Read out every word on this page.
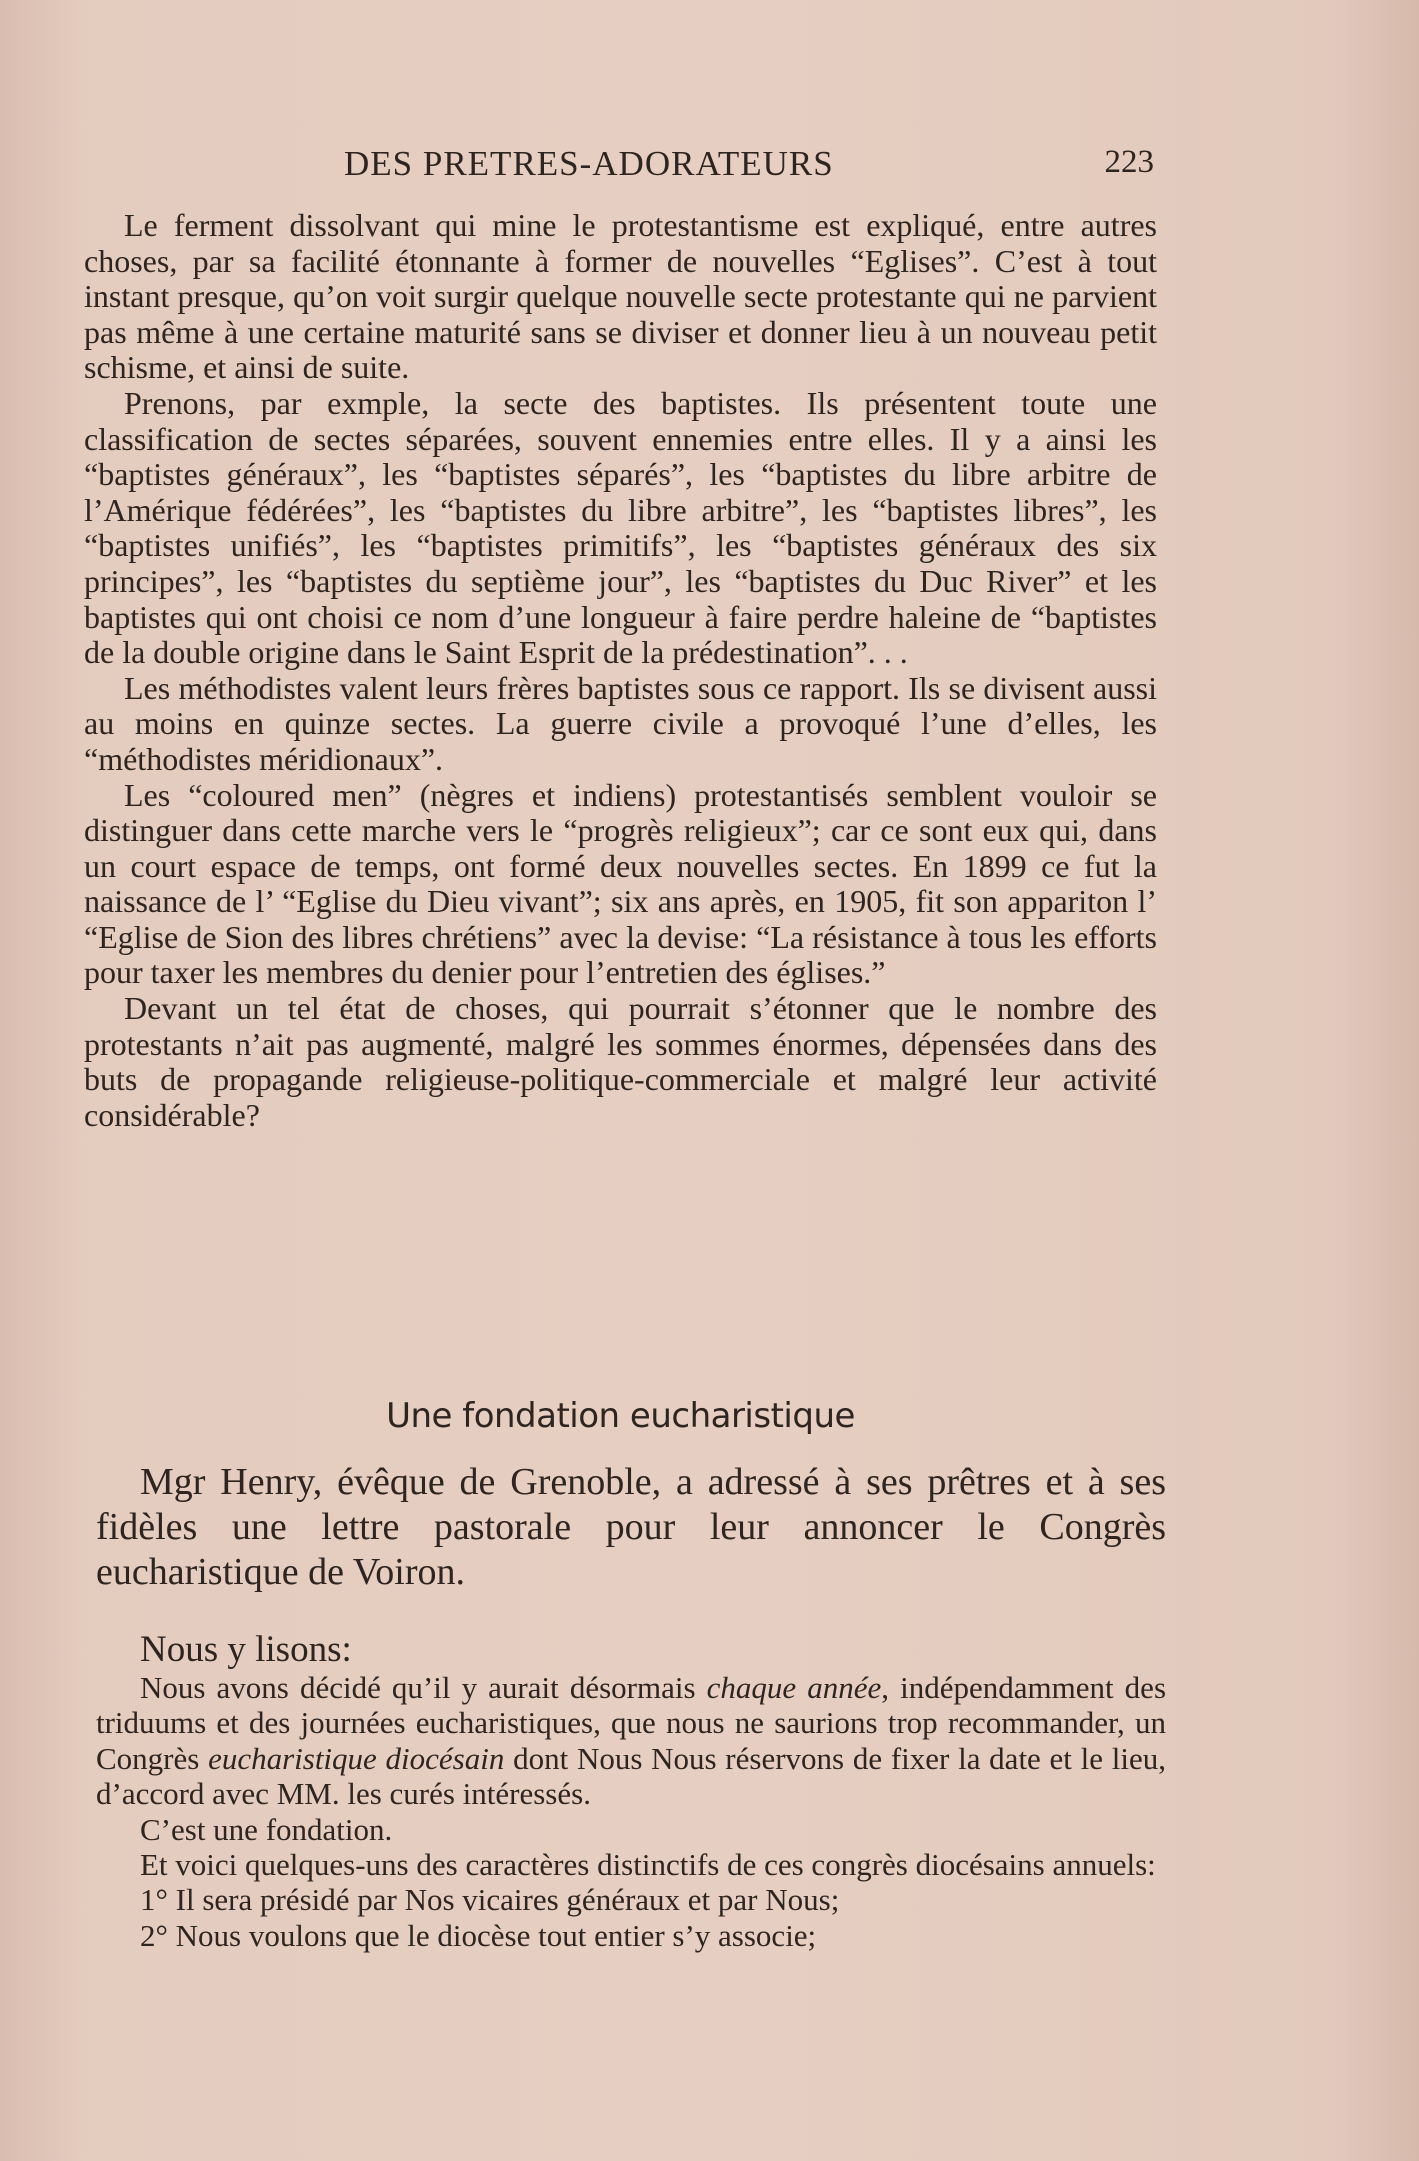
DES PRETRES-ADORATEURS	223

Le ferment dissolvant qui mine le protestantisme est expliqué, entre autres choses, par sa facilité étonnante à former de nouvelles “Eglises”. C’est à tout instant presque, qu’on voit surgir quelque nouvelle secte protestante qui ne parvient pas même à une certaine maturité sans se diviser et donner lieu à un nouveau petit schisme, et ainsi de suite.

Prenons, par exmple, la secte des baptistes. Ils présentent toute une classification de sectes séparées, souvent ennemies entre elles. Il y a ainsi les “baptistes généraux”, les “baptistes séparés”, les “baptistes du libre arbitre de l’Amérique fédérées”, les “baptistes du libre arbitre”, les “baptistes libres”, les “baptistes unifiés”, les “baptistes primitifs”, les “baptistes généraux des six principes”, les “baptistes du septième jour”, les “baptistes du Duc River” et les baptistes qui ont choisi ce nom d’une longueur à faire perdre haleine de “baptistes de la double origine dans le Saint Esprit de la prédestination”. . .

Les méthodistes valent leurs frères baptistes sous ce rapport. Ils se divisent aussi au moins en quinze sectes. La guerre civile a provoqué l’une d’elles, les “méthodistes méridionaux”.

Les “coloured men” (nègres et indiens) protestantisés semblent vouloir se distinguer dans cette marche vers le “progrès religieux”; car ce sont eux qui, dans un court espace de temps, ont formé deux nouvelles sectes. En 1899 ce fut la naissance de l’ “Eglise du Dieu vivant”; six ans après, en 1905, fit son appariton l’ “Eglise de Sion des libres chrétiens” avec la devise: “La résistance à tous les efforts pour taxer les membres du denier pour l’entretien des églises.”

Devant un tel état de choses, qui pourrait s’étonner que le nombre des protestants n’ait pas augmenté, malgré les sommes énormes, dépensées dans des buts de propagande religieuse-politique-commerciale et malgré leur activité considérable?

Une fondation eucharistique

Mgr Henry, évêque de Grenoble, a adressé à ses prêtres et à ses fidèles une lettre pastorale pour leur annoncer le Congrès eucharistique de Voiron.

Nous y lisons:

Nous avons décidé qu’il y aurait désormais chaque année, indépendamment des triduums et des journées eucharistiques, que nous ne saurions trop recommander, un Congrès eucharistique diocésain dont Nous Nous réservons de fixer la date et le lieu, d’accord avec MM. les curés intéressés.

C’est une fondation.

Et voici quelques-uns des caractères distinctifs de ces congrès diocésains annuels:

1° Il sera présidé par Nos vicaires généraux et par Nous;

2° Nous voulons que le diocèse tout entier s’y associe;
